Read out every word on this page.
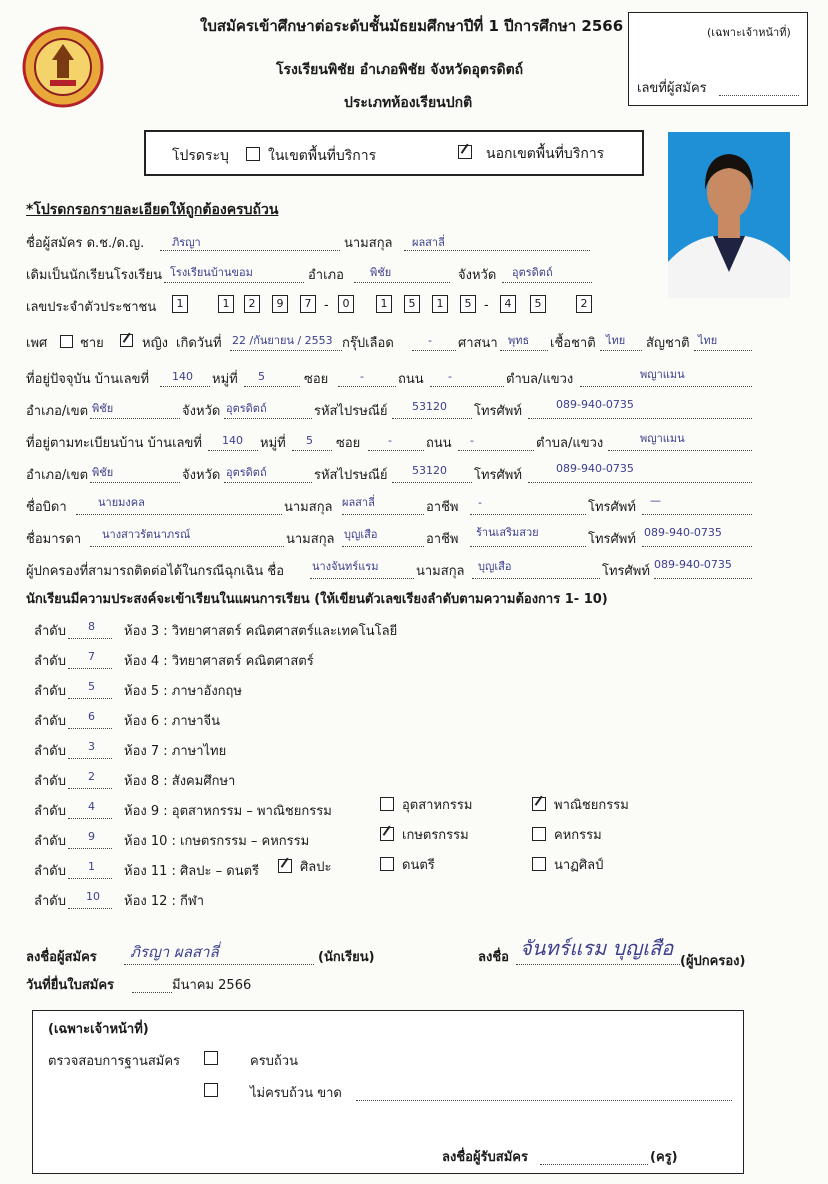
ใบสมัครเข้าศึกษาต่อระดับชั้นมัธยมศึกษาปีที่ 1 ปีการศึกษา 2566
โรงเรียนพิชัย อำเภอพิชัย จังหวัดอุตรดิตถ์
ประเภทห้องเรียนปกติ
(เฉพาะเจ้าหน้าที่)
เลขที่ผู้สมัคร
โปรดระบุ	ในเขตพื้นที่บริการ	นอกเขตพื้นที่บริการ
*โปรดกรอกรายละเอียดให้ถูกต้องครบถ้วน
ชื่อผู้สมัคร ด.ช./ด.ญ.	ภิรญา	นามสกุล ผลสาลี่
เดิมเป็นนักเรียนโรงเรียน โรงเรียนบ้านขอม	อำเภอ พิชัย	จังหวัด อุตรดิตถ์
เลขประจำตัวประชาชน	1	1	2	9	7 -	0	1	5	1	5 -	4	5	2
เพศ	ชาย	หญิง เกิดวันที่ 22 /กันยายน / 2553 กรุ๊ปเลือด	- ศาสนา พุทธ เชื้อชาติ ไทย สัญชาติ ไทย
ที่อยู่ปัจจุบัน บ้านเลขที่ 140 หมู่ที่ 5	ซอย	-	ถนน -	ตำบล/แขวง	พญาแมน
อำเภอ/เขต พิชัย	จังหวัด อุตรดิตถ์	รหัสไปรษณีย์ 53120 โทรศัพท์	089-940-0735
ที่อยู่ตามทะเบียนบ้าน บ้านเลขที่ 140 หมู่ที่ 5 ซอย	-	ถนน -	ตำบล/แขวง	พญาแมน
อำเภอ/เขต พิชัย	จังหวัด อุตรดิตถ์	รหัสไปรษณีย์ 53120 โทรศัพท์	089-940-0735
ชื่อบิดา	นายมงคล	นามสกุล ผลสาลี่	อาชีพ -	โทรศัพท์ —
ชื่อมารดา นางสาวรัตนาภรณ์	นามสกุล บุญเสือ	อาชีพ ร้านเสริมสวย	โทรศัพท์ 089-940-0735
ผู้ปกครองที่สามารถติดต่อได้ในกรณีฉุกเฉิน ชื่อ	นางจันทร์แรม	นามสกุล บุญเสือ	โทรศัพท์ 089-940-0735
นักเรียนมีความประสงค์จะเข้าเรียนในแผนการเรียน (ให้เขียนตัวเลขเรียงลำดับตามความต้องการ 1- 10)
ลำดับ 8 ห้อง 3 : วิทยาศาสตร์ คณิตศาสตร์และเทคโนโลยี
ลำดับ 7 ห้อง 4 : วิทยาศาสตร์ คณิตศาสตร์
ลำดับ 5 ห้อง 5 : ภาษาอังกฤษ
ลำดับ 6 ห้อง 6 : ภาษาจีน
ลำดับ 3 ห้อง 7 : ภาษาไทย
ลำดับ 2 ห้อง 8 : สังคมศึกษา
ลำดับ 4 ห้อง 9 : อุตสาหกรรม – พาณิชยกรรม	อุตสาหกรรม	พาณิชยกรรม
ลำดับ 9 ห้อง 10 : เกษตรกรรม – คหกรรม	เกษตรกรรม	คหกรรม
ลำดับ 1 ห้อง 11 : ศิลปะ – ดนตรี	ศิลปะ	ดนตรี	นาฏศิลป์
ลำดับ 10 ห้อง 12 : กีฬา
ลงชื่อผู้สมัคร ภิรญา ผลสาลี่	(นักเรียน)	ลงชื่อ จันทร์แรม บุญเสือ
(ผู้ปกครอง)
วันที่ยื่นใบสมัคร	มีนาคม 2566
(เฉพาะเจ้าหน้าที่)
ตรวจสอบการฐานสมัคร	ครบถ้วน
ไม่ครบถ้วน ขาด
ลงชื่อผู้รับสมัคร	(ครู)
